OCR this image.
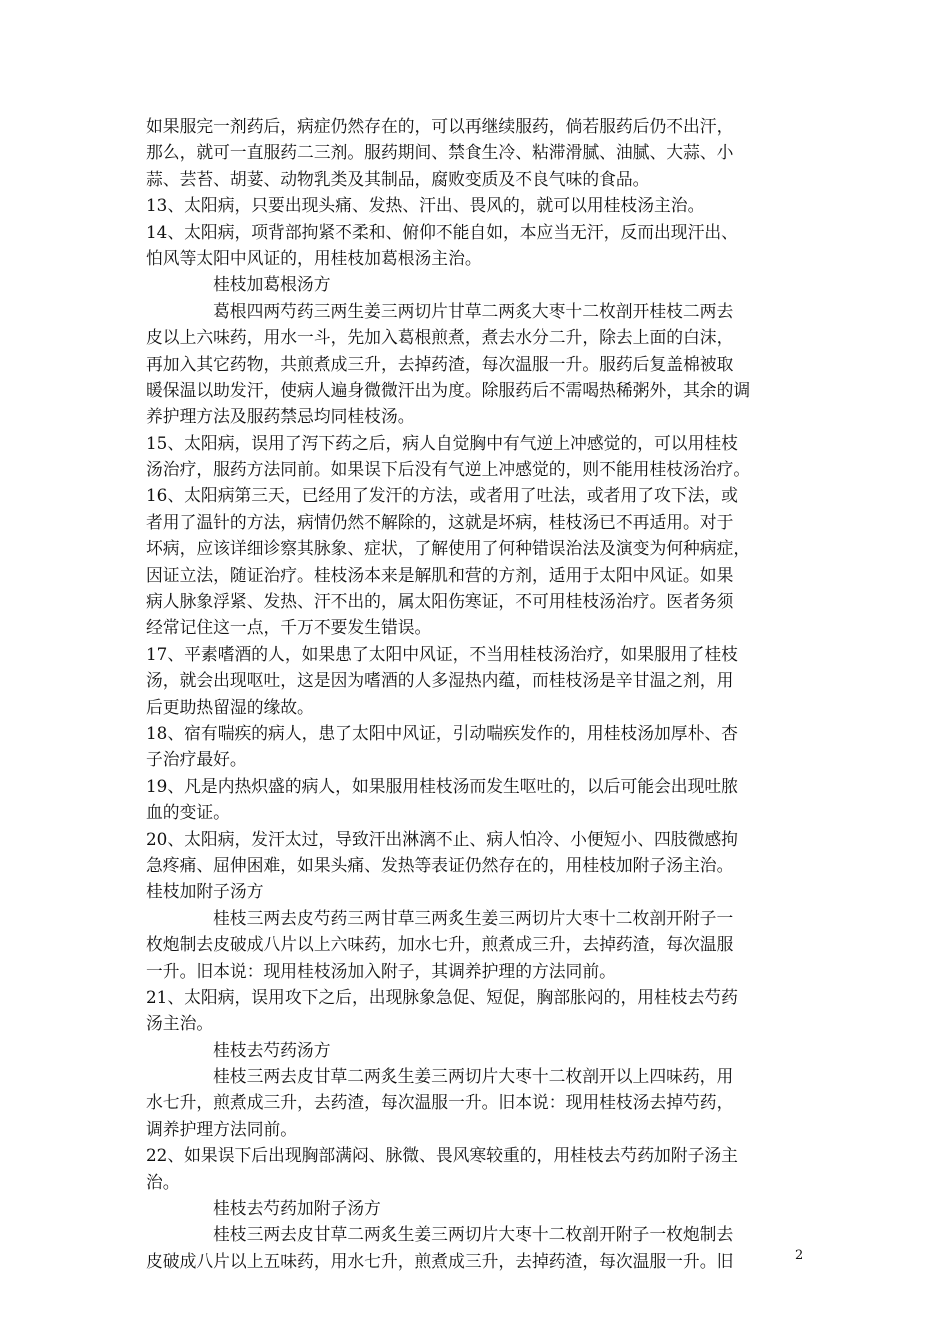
如果服完一剂药后，病症仍然存在的，可以再继续服药，倘若服药后仍不出汗，
那么，就可一直服药二三剂。服药期间、禁食生冷、粘滞滑腻、油腻、大蒜、小
蒜、芸苔、胡荽、动物乳类及其制品，腐败变质及不良气味的食品。
13、太阳病，只要出现头痛、发热、汗出、畏风的，就可以用桂枝汤主治。
14、太阳病，项背部拘紧不柔和、俯仰不能自如，本应当无汗，反而出现汗出、
怕风等太阳中风证的，用桂枝加葛根汤主治。
桂枝加葛根汤方
葛根四两芍药三两生姜三两切片甘草二两炙大枣十二枚剖开桂枝二两去
皮以上六味药，用水一斗，先加入葛根煎煮，煮去水分二升，除去上面的白沫，
再加入其它药物，共煎煮成三升，去掉药渣，每次温服一升。服药后复盖棉被取
暖保温以助发汗，使病人遍身微微汗出为度。除服药后不需喝热稀粥外，其余的调
养护理方法及服药禁忌均同桂枝汤。
15、太阳病，误用了泻下药之后，病人自觉胸中有气逆上冲感觉的，可以用桂枝
汤治疗，服药方法同前。如果误下后没有气逆上冲感觉的，则不能用桂枝汤治疗。
16、太阳病第三天，已经用了发汗的方法，或者用了吐法，或者用了攻下法，或
者用了温针的方法，病情仍然不解除的，这就是坏病，桂枝汤已不再适用。对于
坏病，应该详细诊察其脉象、症状，了解使用了何种错误治法及演变为何种病症，
因证立法，随证治疗。桂枝汤本来是解肌和营的方剂，适用于太阳中风证。如果
病人脉象浮紧、发热、汗不出的，属太阳伤寒证，不可用桂枝汤治疗。医者务须
经常记住这一点，千万不要发生错误。
17、平素嗜酒的人，如果患了太阳中风证，不当用桂枝汤治疗，如果服用了桂枝
汤，就会出现呕吐，这是因为嗜酒的人多湿热内蕴，而桂枝汤是辛甘温之剂，用
后更助热留湿的缘故。
18、宿有喘疾的病人，患了太阳中风证，引动喘疾发作的，用桂枝汤加厚朴、杏
子治疗最好。
19、凡是内热炽盛的病人，如果服用桂枝汤而发生呕吐的，以后可能会出现吐脓
血的变证。
20、太阳病，发汗太过，导致汗出淋漓不止、病人怕冷、小便短小、四肢微感拘
急疼痛、屈伸困难，如果头痛、发热等表证仍然存在的，用桂枝加附子汤主治。
桂枝加附子汤方
桂枝三两去皮芍药三两甘草三两炙生姜三两切片大枣十二枚剖开附子一
枚炮制去皮破成八片以上六味药，加水七升，煎煮成三升，去掉药渣，每次温服
一升。旧本说：现用桂枝汤加入附子，其调养护理的方法同前。
21、太阳病，误用攻下之后，出现脉象急促、短促，胸部胀闷的，用桂枝去芍药
汤主治。
桂枝去芍药汤方
桂枝三两去皮甘草二两炙生姜三两切片大枣十二枚剖开以上四味药，用
水七升，煎煮成三升，去药渣，每次温服一升。旧本说：现用桂枝汤去掉芍药，
调养护理方法同前。
22、如果误下后出现胸部满闷、脉微、畏风寒较重的，用桂枝去芍药加附子汤主
治。
桂枝去芍药加附子汤方
桂枝三两去皮甘草二两炙生姜三两切片大枣十二枚剖开附子一枚炮制去
皮破成八片以上五味药，用水七升，煎煮成三升，去掉药渣，每次温服一升。旧	2
